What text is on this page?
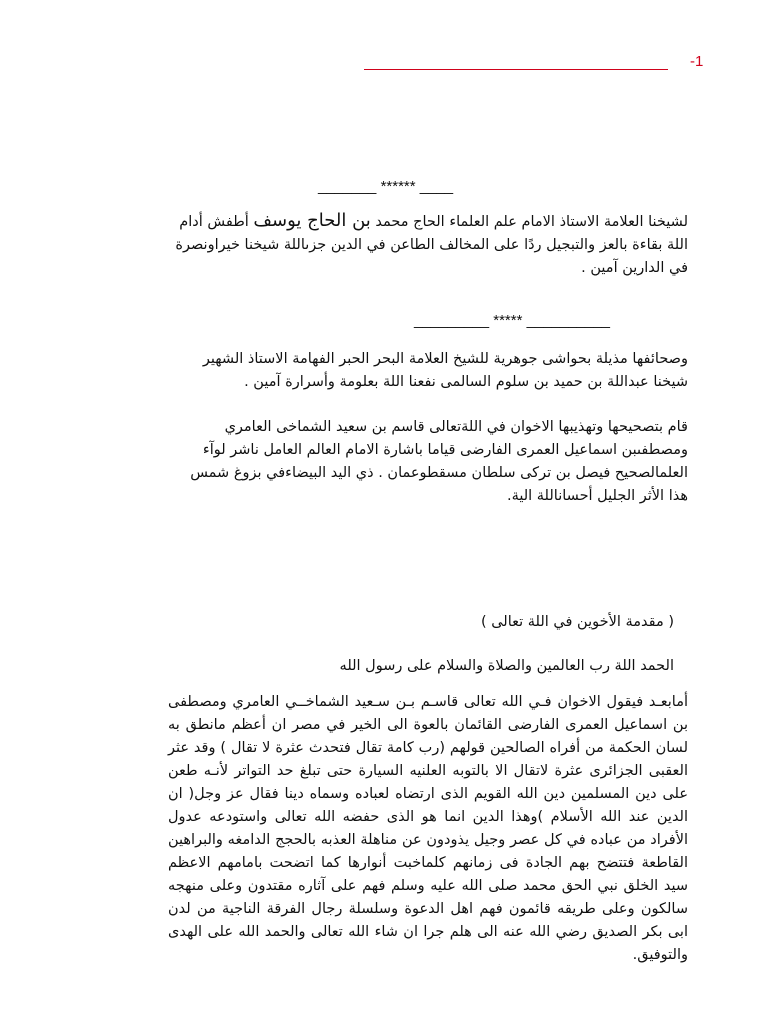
-1
_______ ****** ____

لشيخنا العلامة الاستاذ الامام علم العلماء الحاج محمد بن الحاج يوسف أطفش أدام اللة بقاءة بالعز والتبجيل ردًا على المخالف الطاعن في الدين جزىاللة شيخنا خيراونصرة في الدارين آمين .

_________ ***** __________

وصحائفها مذيلة بحواشى جوهرية للشيخ العلامة البحر الحبر الفهامة الاستاذ الشهير شيخنا عبداللة بن حميد بن سلوم السالمى نفعنا اللة بعلومة وأسرارة آمين .

قام بتصحيحها وتهذيبها الاخوان في اللةتعالى قاسم بن سعيد الشماخى العامري ومصطفىبن اسماعيل العمرى الفارضى قياما باشارة الامام العالم العامل ناشر لوآء العلمالصحيح فيصل بن تركى سلطان مسقطوعمان . ذي اليد البيضاءفي بزوغ شمس هذا الأثر الجليل أحساناللة الية.

( مقدمة الأخوين في اللة تعالى )

الحمد اللة رب العالمين والصلاة والسلام على رسول الله

أمابعـد فيقول الاخوان فـي الله تعالى قاسـم بـن سـعيد الشماخــي العامري ومصطفى بن اسماعيل العمرى الفارضى القائمان بالعوة الى الخير في مصر ان أعظم مانطق به لسان الحكمة من أفراه الصالحين قولهم (رب كامة تقال فتحدث عثرة لا تقال ) وقد عثر العقبى الجزائرى عثرة لاتقال الا بالتوبه العلنيه السيارة حتى تبلغ حد التواتر لأنـه طعن على دين المسلمين دين الله القويم الذى ارتضاه لعباده وسماه دينا فقال عز وجل( ان الدين عند الله الأسلام )وهذا الدين انما هو الذى حفضه الله تعالى واستودعه عدول الأفراد من عباده في كل عصر وجيل يذودون عن مناهلة العذبه بالحجج الدامغه والبراهين القاطعة فتتضح بهم الجادة فى زمانهم كلماخبت أنوارها كما اتضحت بامامهم الاعظم سيد الخلق نبي الحق محمد صلى الله عليه وسلم فهم على آثاره مقتدون وعلى منهجه سالكون وعلى طريقه قائمون فهم اهل الدعوة وسلسلة رجال الفرقة الناجية من لدن ابى بكر الصديق رضي الله عنه الى هلم جرا ان شاء الله تعالى والحمد الله على الهدى والتوفيق.
